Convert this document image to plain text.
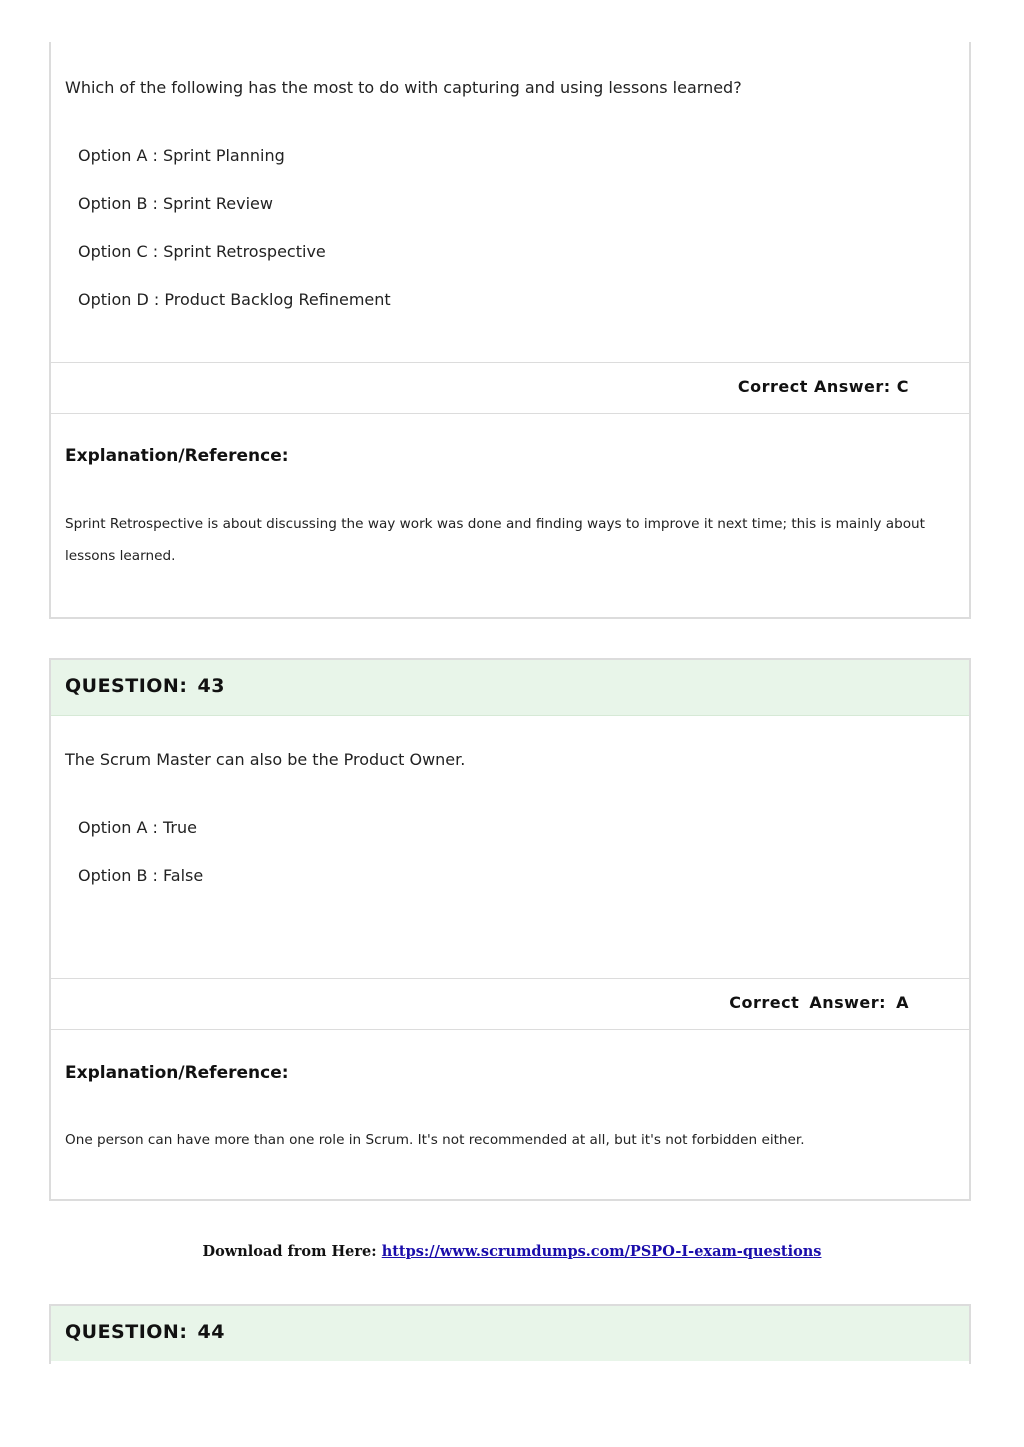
Which of the following has the most to do with capturing and using lessons learned?
Option A : Sprint Planning
Option B : Sprint Review
Option C : Sprint Retrospective
Option D : Product Backlog Refinement
Correct Answer: C
Explanation/Reference:
Sprint Retrospective is about discussing the way work was done and finding ways to improve it next time; this is mainly about lessons learned.
QUESTION: 43
The Scrum Master can also be the Product Owner.
Option A : True
Option B : False
Correct Answer: A
Explanation/Reference:
One person can have more than one role in Scrum. It's not recommended at all, but it's not forbidden either.
Download from Here: https://www.scrumdumps.com/PSPO-I-exam-questions
QUESTION: 44
